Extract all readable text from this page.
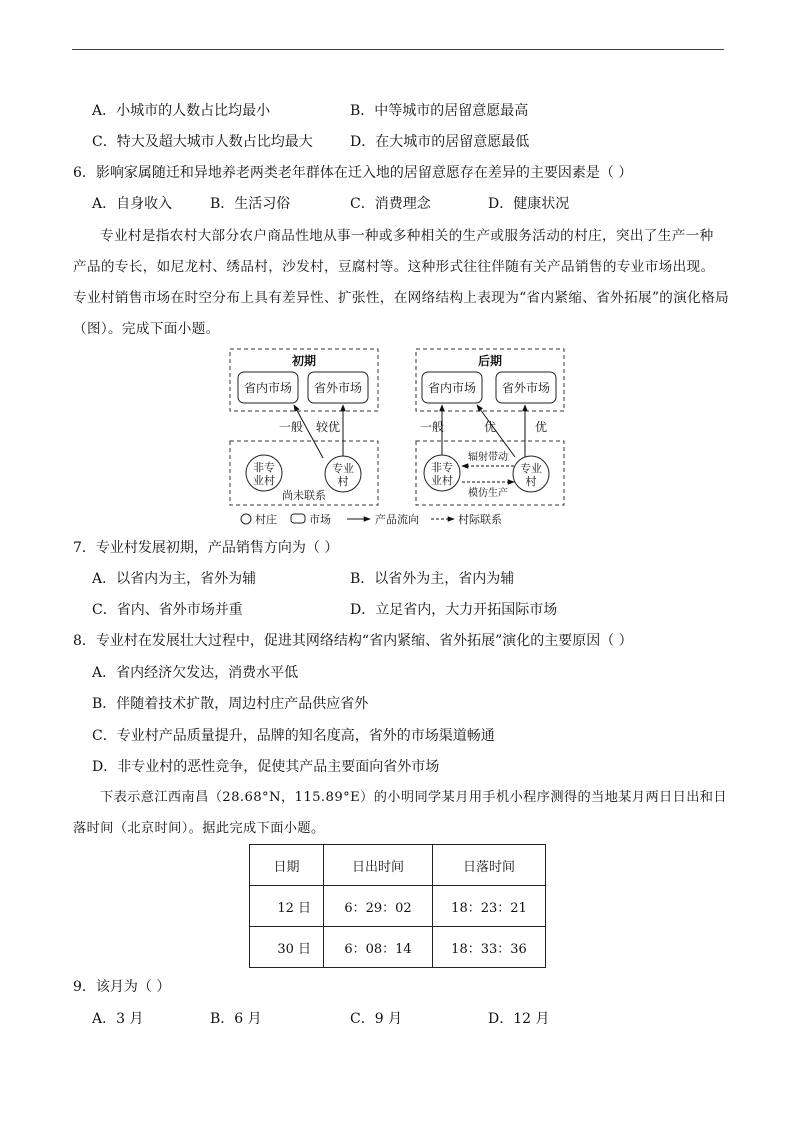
A．小城市的人数占比均最小	B．中等城市的居留意愿最高
C．特大及超大城市人数占比均最大	D．在大城市的居留意愿最低
6．影响家属随迁和异地养老两类老年群体在迁入地的居留意愿存在差异的主要因素是（ ）
A．自身收入	B．生活习俗	C．消费理念	D．健康状况
专业村是指农村大部分农户商品性地从事一种或多种相关的生产或服务活动的村庄，突出了生产一种
产品的专长，如尼龙村、绣品村，沙发村，豆腐村等。这种形式往往伴随有关产品销售的专业市场出现。
专业村销售市场在时空分布上具有差异性、扩张性，在网络结构上表现为“省内紧缩、省外拓展”的演化格局
（图）。完成下面小题。
初期	后期
省内市场 省外市场	省内市场 省外市场
一般 较优
非专
业村
专业
村
尚未联系
一般	优	优
非专
业村
专业
村
辐射带动
模仿生产
村庄	市场	产品流向	村际联系
7．专业村发展初期，产品销售方向为（ ）
A．以省内为主，省外为辅	B．以省外为主，省内为辅
C．省内、省外市场并重	D．立足省内，大力开拓国际市场
8．专业村在发展壮大过程中，促进其网络结构“省内紧缩、省外拓展”演化的主要原因（ ）
A．省内经济欠发达，消费水平低
B．伴随着技术扩散，周边村庄产品供应省外
C．专业村产品质量提升，品牌的知名度高，省外的市场渠道畅通
D．非专业村的恶性竞争，促使其产品主要面向省外市场
下表示意江西南昌（28.68°N，115.89°E）的小明同学某月用手机小程序测得的当地某月两日日出和日
落时间（北京时间）。据此完成下面小题。
日期	日出时间	日落时间
12 日	6：29：02	18：23：21
30 日	6：08：14	18：33：36
9．该月为（ ）
A．3 月	B．6 月	C．9 月	D．12 月
